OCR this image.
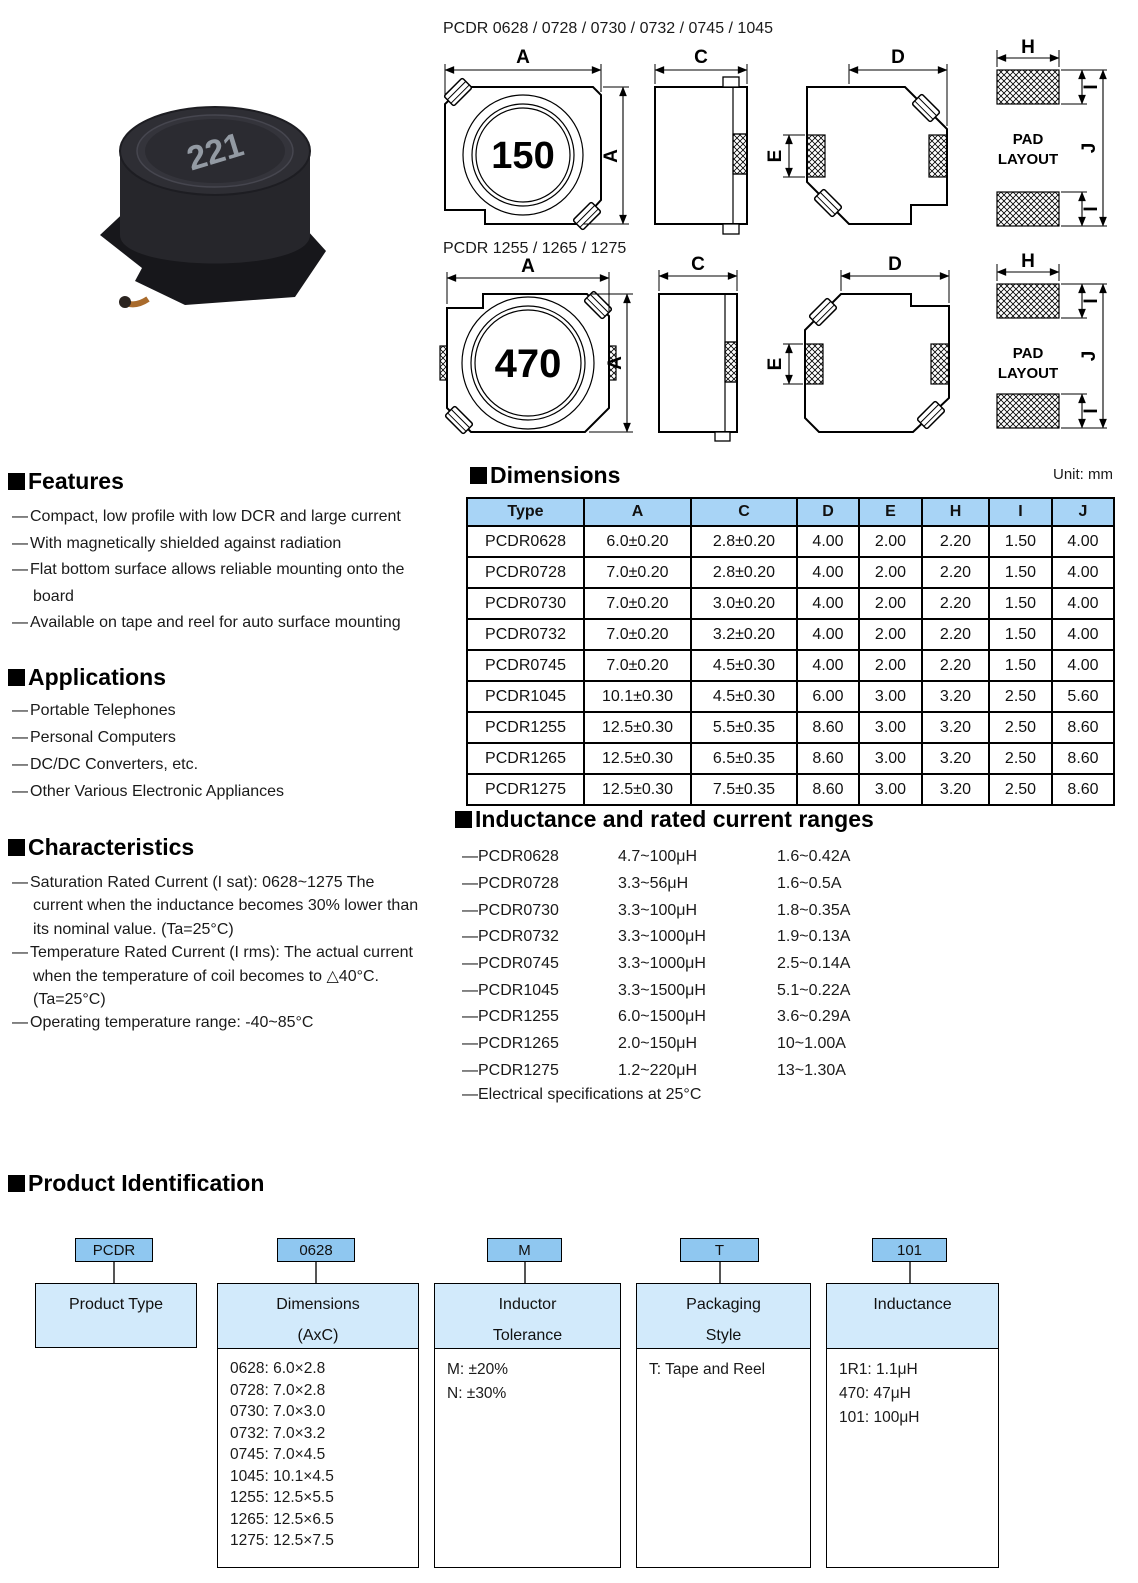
221
PCDR 0628 / 0728 / 0730 / 0732 / 0745 / 1045
150
A
A
C	D
E
H
I
I
J
PAD
LAYOUT
PCDR 1255 / 1265 / 1275
470
A
A
C	D
E
H
I
I
J
PAD
LAYOUT
Features
— Compact, low profile with low DCR and large current
— With magnetically shielded against radiation
— Flat bottom surface allows reliable mounting onto the
board
— Available on tape and reel for auto surface mounting
Applications
— Portable Telephones
— Personal Computers
— DC/DC Converters, etc.
— Other Various Electronic Appliances
Characteristics
— Saturation Rated Current (I sat): 0628~1275 The
current when the inductance becomes 30% lower than
its nominal value. (Ta=25°C)
— Temperature Rated Current (I rms): The actual current
when the temperature of coil becomes to △40°C.
(Ta=25°C)
— Operating temperature range: -40~85°C
Dimensions	Unit: mm
Type	A	C	D	E	H	I	J
PCDR0628	6.0±0.20	2.8±0.20	4.00	2.00	2.20	1.50	4.00
PCDR0728	7.0±0.20	2.8±0.20	4.00	2.00	2.20	1.50	4.00
PCDR0730	7.0±0.20	3.0±0.20	4.00	2.00	2.20	1.50	4.00
PCDR0732	7.0±0.20	3.2±0.20	4.00	2.00	2.20	1.50	4.00
PCDR0745	7.0±0.20	4.5±0.30	4.00	2.00	2.20	1.50	4.00
PCDR1045	10.1±0.30	4.5±0.30	6.00	3.00	3.20	2.50	5.60
PCDR1255	12.5±0.30	5.5±0.35	8.60	3.00	3.20	2.50	8.60
PCDR1265	12.5±0.30	6.5±0.35	8.60	3.00	3.20	2.50	8.60
PCDR1275	12.5±0.30	7.5±0.35	8.60	3.00	3.20	2.50	8.60
Inductance and rated current ranges
— PCDR0628	4.7~100μH	1.6~0.42A
— PCDR0728	3.3~56μH	1.6~0.5A
— PCDR0730	3.3~100μH	1.8~0.35A
— PCDR0732	3.3~1000μH	1.9~0.13A
— PCDR0745	3.3~1000μH	2.5~0.14A
— PCDR1045	3.3~1500μH	5.1~0.22A
— PCDR1255	6.0~1500μH	3.6~0.29A
— PCDR1265	2.0~150μH	10~1.00A
— PCDR1275	1.2~220μH	13~1.30A
— Electrical specifications at 25°C
Product Identification
PCDR
Product Type
0628
Dimensions
(AxC)
0628: 6.0×2.8
0728: 7.0×2.8
0730: 7.0×3.0
0732: 7.0×3.2
0745: 7.0×4.5
1045: 10.1×4.5
1255: 12.5×5.5
1265: 12.5×6.5
1275: 12.5×7.5
M
Inductor
Tolerance
M: ±20%
N: ±30%
T
Packaging
Style
T: Tape and Reel
101
Inductance
1R1: 1.1μH
470: 47μH
101: 100μH
